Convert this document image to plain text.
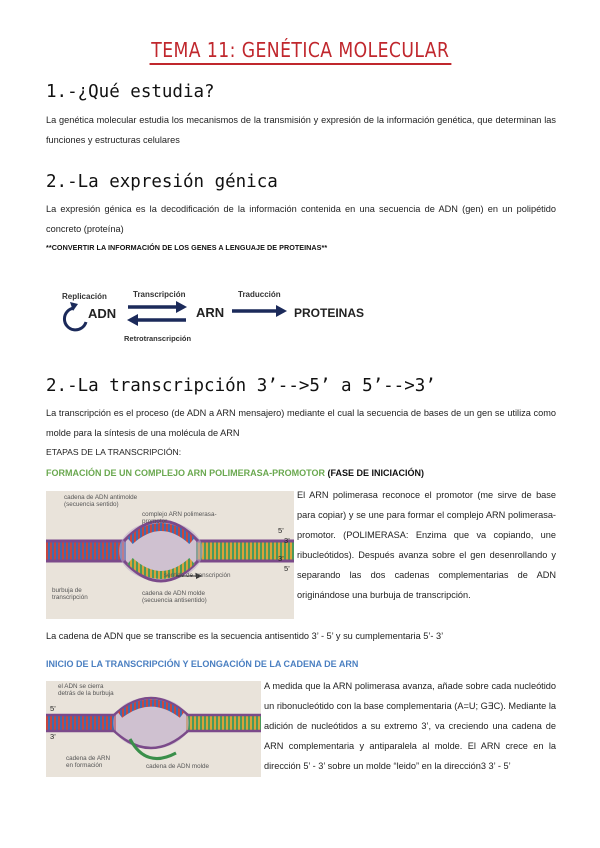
TEMA 11: GENÉTICA MOLECULAR
1.-¿Qué estudia?

La genética molecular estudia los mecanismos de la transmisión y expresión de la información genética, que determinan las funciones y estructuras celulares

2.-La expresión génica

La expresión génica es la decodificación de la información contenida en una secuencia de ADN (gen) en un polipétido concreto (proteína)

**CONVERTIR LA INFORMACIÓN DE LOS GENES A LENGUAJE DE PROTEINAS**

Replicación
ADN
Transcripción
ARN
Traducción
PROTEINAS
Retrotranscripción
2.-La transcripción 3’-->5’ a 5’-->3’

La transcripción es el proceso (de ADN a ARN mensajero) mediante el cual la secuencia de bases de un gen se utiliza como molde para la síntesis de una molécula de ARN

ETAPAS DE LA TRANSCRIPCIÓN:

FORMACIÓN DE UN COMPLEJO ARN POLIMERASA-PROMOTOR (FASE DE INICIACIÓN)

cadena de ADN antimolde (secuencia sentido)
complejo ARN polimerasa-promotor
sentido de transcripción
burbuja de transcripción
cadena de ADN molde (secuencia antisentido)
5’
3’
3’
5’

El ARN polimerasa reconoce el promotor (me sirve de base para copiar) y se une para formar el complejo ARN polimerasa-promotor. (POLIMERASA: Enzima que va copiando, une ribucleótidos). Después avanza sobre el gen desenrollando y separando las dos cadenas complementarias de ADN originándose una burbuja de transcripción.

La cadena de ADN que se transcribe es la secuencia antisentido 3’ - 5’ y su cumplementaria 5’- 3’

INICIO DE LA TRANSCRIPCIÓN Y ELONGACIÓN DE LA CADENA DE ARN

el ADN se cierra detrás de la burbuja
cadena de ADN molde
cadena de ARN en formación
5’
3’

A medida que la ARN polimerasa avanza, añade sobre cada nucleótido un ribonucleótido con la base complementaria (A=U; G∃C). Mediante la adición de nucleótidos a su extremo 3’, va creciendo una cadena de ARN complementaria y antiparalela al molde. El ARN crece en la dirección 5’ - 3’ sobre un molde “leido” en la dirección3 3’ - 5’
